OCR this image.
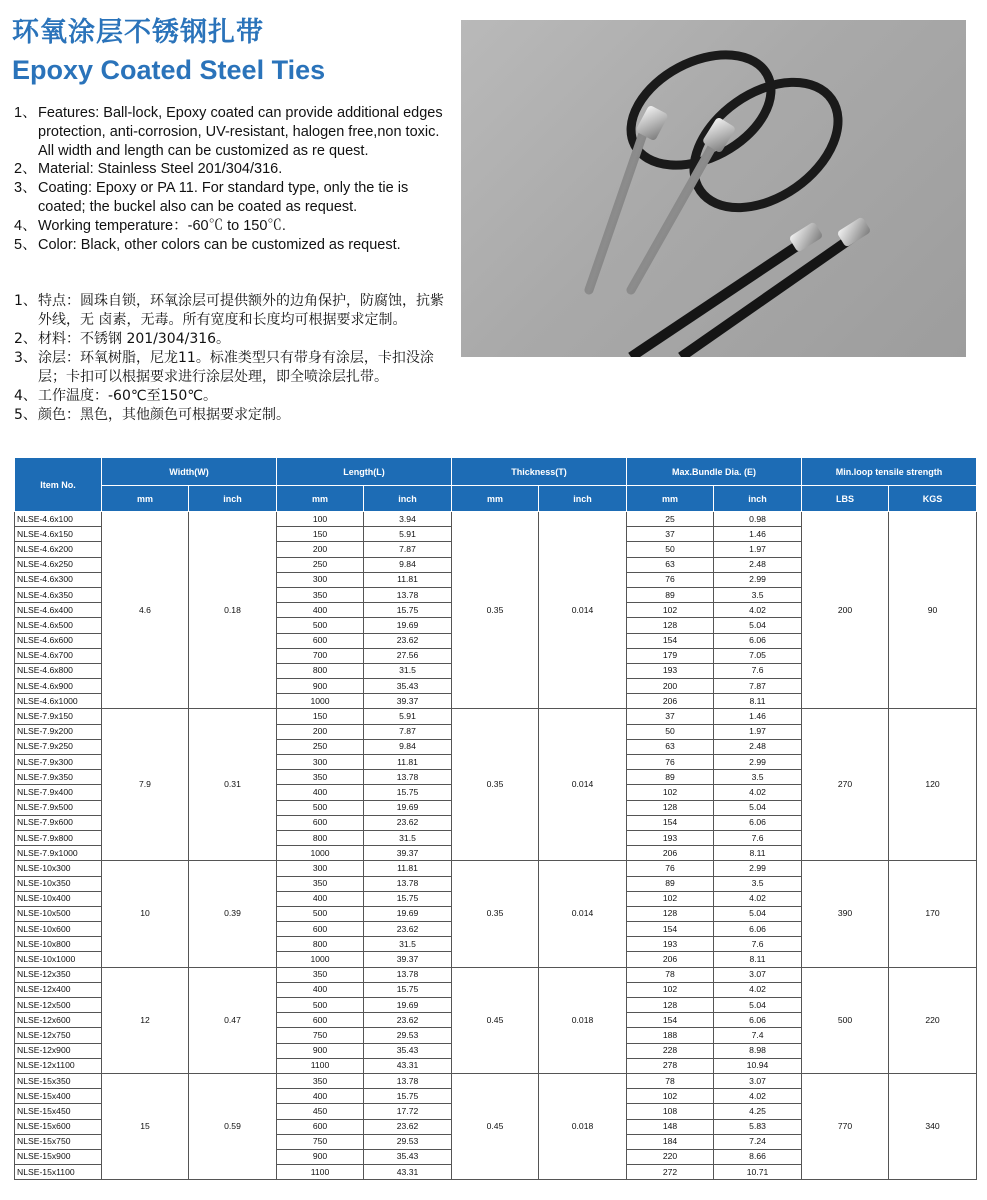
环氧涂层不锈钢扎带
Epoxy Coated Steel Ties
1、 Features: Ball-lock, Epoxy coated can provide additional edges protection, anti-corrosion, UV-resistant, halogen free,non toxic. All width and length can be customized as re quest.
2、 Material: Stainless Steel 201/304/316.
3、 Coating: Epoxy or PA 11. For standard type, only the tie is coated; the buckel also can be coated as request.
4、 Working temperature：-60℃ to 150℃.
5、 Color: Black, other colors can be customized as request.
1、 特点：圆珠自锁，环氧涂层可提供额外的边角保护，防腐蚀，抗紫外线，无 卤素，无毒。所有宽度和长度均可根据要求定制。
2、 材料：不锈钢 201/304/316。
3、 涂层：环氧树脂，尼龙11。标准类型只有带身有涂层，卡扣没涂层；卡扣可以根据要求进行涂层处理，即全喷涂层扎带。
4、 工作温度：-60℃至150℃。
5、 颜色：黑色，其他颜色可根据要求定制。
Item No.	Width(W)		Length(L)		Thickness(T)		Max.Bundle Dia. (E)		Min.loop tensile strength	
	mm	inch	mm	inch	mm	inch	mm	inch	LBS	KGS
NLSE-4.6x100	4.6	0.18	100	3.94	0.35	0.014	25	0.98	200	90
NLSE-4.6x150			150	5.91			37	1.46		
NLSE-4.6x200			200	7.87			50	1.97		
NLSE-4.6x250			250	9.84			63	2.48		
NLSE-4.6x300			300	11.81			76	2.99		
NLSE-4.6x350			350	13.78			89	3.5		
NLSE-4.6x400			400	15.75			102	4.02		
NLSE-4.6x500			500	19.69			128	5.04		
NLSE-4.6x600			600	23.62			154	6.06		
NLSE-4.6x700			700	27.56			179	7.05		
NLSE-4.6x800			800	31.5			193	7.6		
NLSE-4.6x900			900	35.43			200	7.87		
NLSE-4.6x1000			1000	39.37			206	8.11		
NLSE-7.9x150	7.9	0.31	150	5.91	0.35	0.014	37	1.46	270	120
NLSE-7.9x200			200	7.87			50	1.97		
NLSE-7.9x250			250	9.84			63	2.48		
NLSE-7.9x300			300	11.81			76	2.99		
NLSE-7.9x350			350	13.78			89	3.5		
NLSE-7.9x400			400	15.75			102	4.02		
NLSE-7.9x500			500	19.69			128	5.04		
NLSE-7.9x600			600	23.62			154	6.06		
NLSE-7.9x800			800	31.5			193	7.6		
NLSE-7.9x1000			1000	39.37			206	8.11		
NLSE-10x300	10	0.39	300	11.81	0.35	0.014	76	2.99	390	170
NLSE-10x350			350	13.78			89	3.5		
NLSE-10x400			400	15.75			102	4.02		
NLSE-10x500			500	19.69			128	5.04		
NLSE-10x600			600	23.62			154	6.06		
NLSE-10x800			800	31.5			193	7.6		
NLSE-10x1000			1000	39.37			206	8.11		
NLSE-12x350	12	0.47	350	13.78	0.45	0.018	78	3.07	500	220
NLSE-12x400			400	15.75			102	4.02		
NLSE-12x500			500	19.69			128	5.04		
NLSE-12x600			600	23.62			154	6.06		
NLSE-12x750			750	29.53			188	7.4		
NLSE-12x900			900	35.43			228	8.98		
NLSE-12x1100			1100	43.31			278	10.94		
NLSE-15x350	15	0.59	350	13.78	0.45	0.018	78	3.07	770	340
NLSE-15x400			400	15.75			102	4.02		
NLSE-15x450			450	17.72			108	4.25		
NLSE-15x600			600	23.62			148	5.83		
NLSE-15x750			750	29.53			184	7.24		
NLSE-15x900			900	35.43			220	8.66		
NLSE-15x1100			1100	43.31			272	10.71		
